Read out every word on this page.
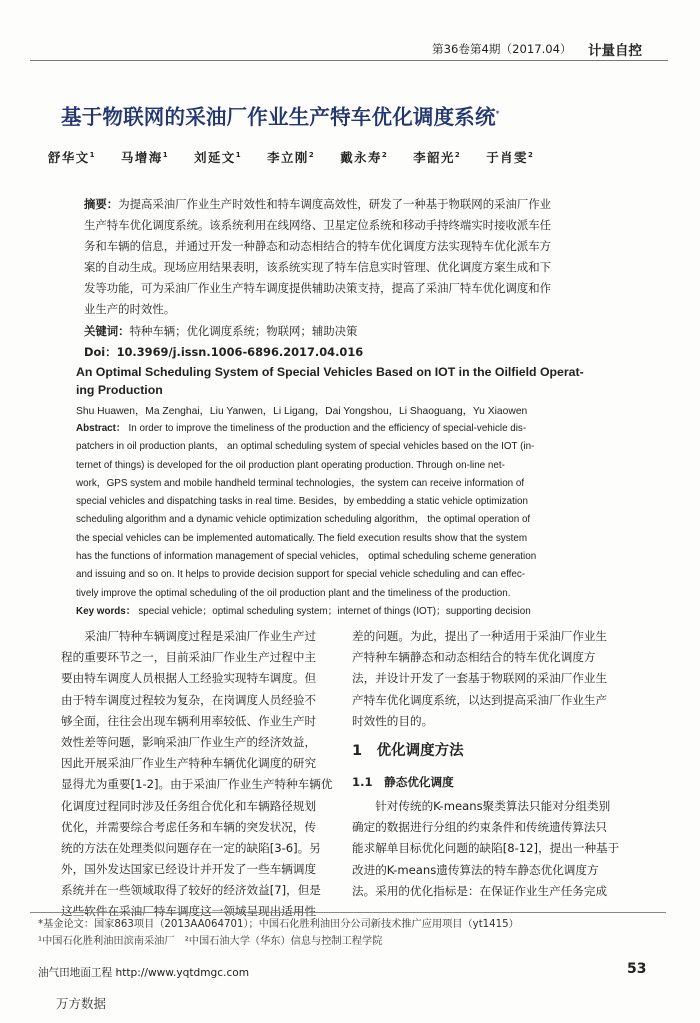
第36卷第4期（2017.04） 计量自控
基于物联网的采油厂作业生产特车优化调度系统*
舒华文$^1$ 马增海$^1$ 刘延文$^1$ 李立刚$^2$ 戴永寿$^2$ 李韶光$^2$ 于肖雯$^2$
摘要：为提高采油厂作业生产时效性和特车调度高效性，研发了一种基于物联网的采油厂作业
生产特车优化调度系统。该系统利用在线网络、卫星定位系统和移动手持终端实时接收派车任
务和车辆的信息，并通过开发一种静态和动态相结合的特车优化调度方法实现特车优化派车方
案的自动生成。现场应用结果表明，该系统实现了特车信息实时管理、优化调度方案生成和下
发等功能，可为采油厂作业生产特车调度提供辅助决策支持，提高了采油厂特车优化调度和作
业生产的时效性。
关键词：特种车辆；优化调度系统；物联网；辅助决策
Doi：10.3969/j.issn.1006-6896.2017.04.016
An Optimal Scheduling System of Special Vehicles Based on IOT in the Oilfield Operat-
ing Production
Shu Huawen，Ma Zenghai，Liu Yanwen，Li Ligang，Dai Yongshou，Li Shaoguang，Yu Xiaowen
Abstract： In order to improve the timeliness of the production and the efficiency of special-vehicle dis-
patchers in oil production plants， an optimal scheduling system of special vehicles based on the IOT (in-
ternet of things) is developed for the oil production plant operating production. Through on-line net-
work，GPS system and mobile handheld terminal technologies，the system can receive information of
special vehicles and dispatching tasks in real time. Besides，by embedding a static vehicle optimization
scheduling algorithm and a dynamic vehicle optimization scheduling algorithm， the optimal operation of
the special vehicles can be implemented automatically. The field execution results show that the system
has the functions of information management of special vehicles， optimal scheduling scheme generation
and issuing and so on. It helps to provide decision support for special vehicle scheduling and can effec-
tively improve the optimal scheduling of the oil production plant and the timeliness of the production.
Key words： special vehicle；optimal scheduling system；internet of things (IOT)；supporting decision
　　采油厂特种车辆调度过程是采油厂作业生产过
程的重要环节之一，目前采油厂作业生产过程中主
要由特车调度人员根据人工经验实现特车调度。但
由于特车调度过程较为复杂，在岗调度人员经验不
够全面，往往会出现车辆利用率较低、作业生产时
效性差等问题，影响采油厂作业生产的经济效益，
因此开展采油厂作业生产特种车辆优化调度的研究
显得尤为重要[1-2]。由于采油厂作业生产特种车辆优
化调度过程同时涉及任务组合优化和车辆路径规划
优化，并需要综合考虑任务和车辆的突发状况，传
统的方法在处理类似问题存在一定的缺陷[3-6]。另
外，国外发达国家已经设计并开发了一些车辆调度
系统并在一些领域取得了较好的经济效益[7]，但是
这些软件在采油厂特车调度这一领域呈现出适用性
差的问题。为此，提出了一种适用于采油厂作业生
产特种车辆静态和动态相结合的特车优化调度方
法，并设计开发了一套基于物联网的采油厂作业生
产特车优化调度系统，以达到提高采油厂作业生产
时效性的目的。
1　优化调度方法
1.1　静态优化调度
　　针对传统的K-means聚类算法只能对分组类别
确定的数据进行分组的约束条件和传统遗传算法只
能求解单目标优化问题的缺陷[8-12]，提出一种基于
改进的K-means遗传算法的特车静态优化调度方
法。采用的优化指标是：在保证作业生产任务完成
*基金论文：国家863项目（2013AA064701）；中国石化胜利油田分公司新技术推广应用项目（yt1415）
¹中国石化胜利油田滨南采油厂　²中国石油大学（华东）信息与控制工程学院
油气田地面工程 http://www.yqtdmgc.com	53
万方数据
